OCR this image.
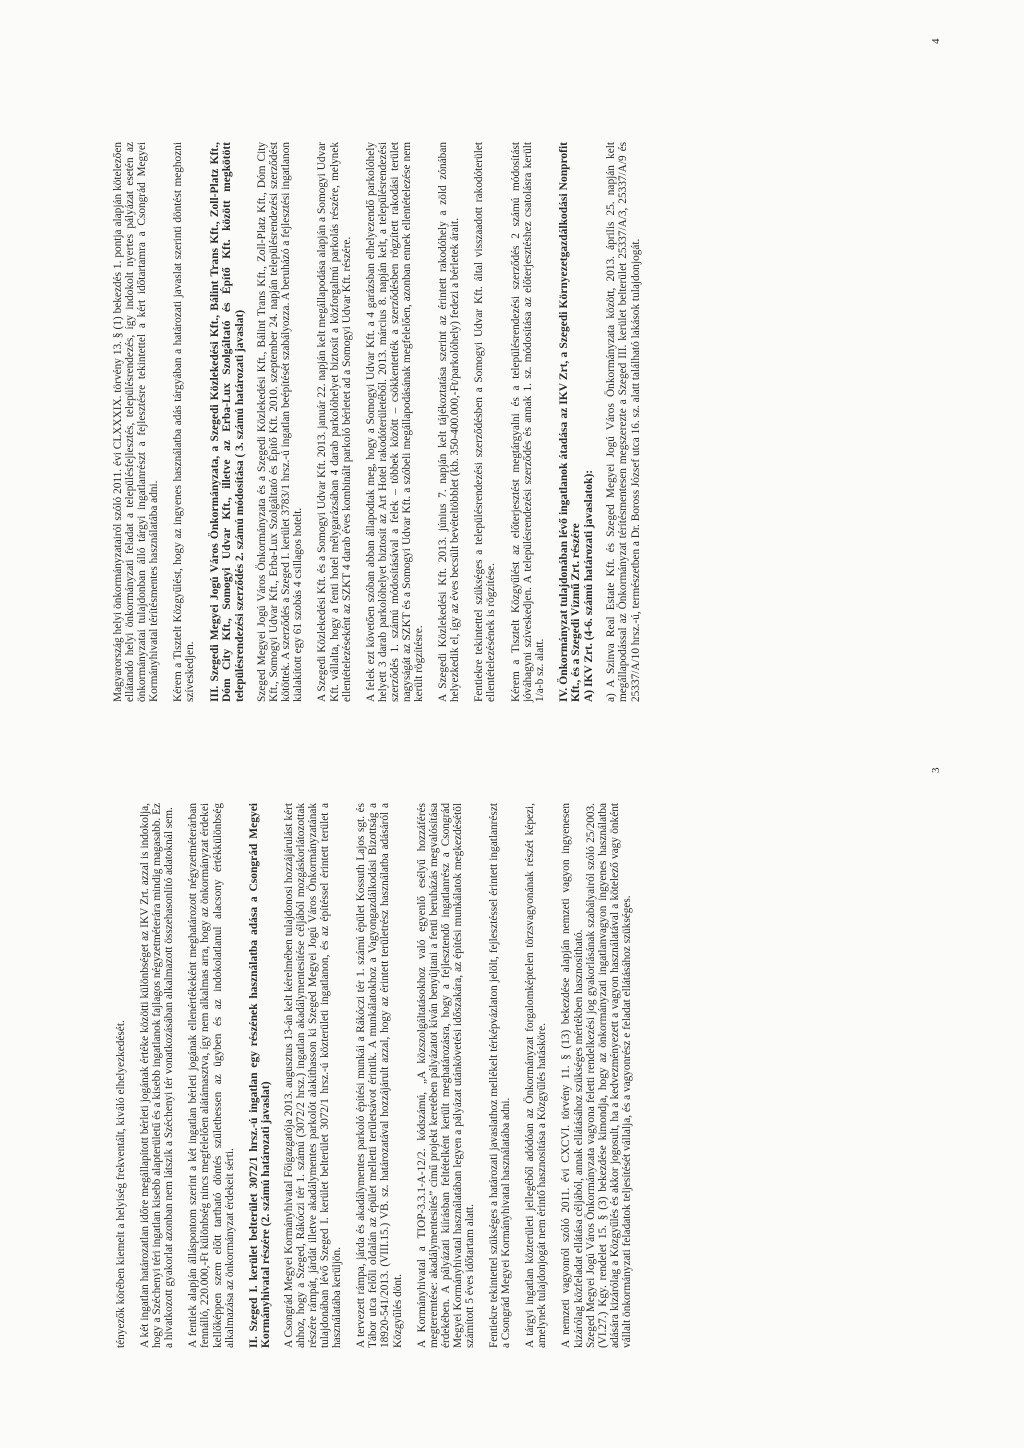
tényezők körében kiemelt a helyiség frekventált, kiváló elhelyezkedését. A két ingatlan határozatlan időre megállapított bérleti jogának értéke közötti különbséget az IKV Zrt. azzal is indokolja, hogy a Széchenyi téri ingatlan kisebb alapterületű és a kisebb ingatlanok fajlagos négyzetméterára mindig magasabb. Ez a hivatkozott gyakorlat azonban nem látszik a Széchenyi tér vonatkozásában alkalmazott összehasonlító adatoknál sem. A fentiek alapján álláspontom szerint a két ingatlan bérleti jogának ellenértékeként meghatározott négyzetméterárban fennálló, 220.000,-Ft különbség nincs megfelelően alátámasztva, így nem alkalmas arra, hogy az önkormányzat érdekei kellőképpen szem előtt tartható döntés születhessen az ügyben és az indokolatlanul alacsony értékkülönbség alkalmazása az önkormányzat érdekeit sérti. II. Szeged I. kerület belterület 3072/1 hrsz.-ú ingatlan egy részének használatba adása a Csongrád Megyei Kormányhivatal részére (2. számú határozati javaslat) A Csongrád Megyei Kormányhivatal Főigazgatója 2013. augusztus 13-án kelt kérelmében tulajdonosi hozzájárulást kért ahhoz, hogy a Szeged, Rákóczi tér 1. számú (3072/2 hrsz.) ingatlan akadálymentesítése céljából mozgáskorlátozottak részére rámpát, járdát illetve akadálymentes parkolót alakíthasson ki Szeged Megyei Jogú Város Önkormányzatának tulajdonában lévő Szeged I. kerület belterület 3072/1 hrsz.-ú közterületi ingatlanon, és az építéssel érintett terület a használatába kerüljön. A tervezett rámpa, járda és akadálymentes parkoló építési munkái a Rákóczi tér 1. számú épület Kossuth Lajos sgt. és Tábor utca felőli oldalán az épület melletti területsávot érintik. A munkálatokhoz a Vagyongazdálkodási Bizottság a 18920-541/2013. (VIII.15.) VB. sz. határozatával hozzájárult azzal, hogy az érintett területrész használatba adásáról a Közgyűlés dönt. A Kormányhivatal a TIOP-3.3.1-A-12/2. kódszámú, „A közszolgáltatásokhoz való egyenlő esélyű hozzáférés megteremtése: akadálymentesítés” című projekt keretében pályázatot kíván benyújtani a fenti beruházás megvalósítása érdekében. A pályázati kiírásban feltételként került meghatározásra, hogy a fejlesztendő ingatlanrész a Csongrád Megyei Kormányhivatal használatában legyen a pályázat utánkövetési időszakára, az építési munkálatok megkezdésétől számított 5 éves időtartam alatt. Fentiekre tekintettel szükséges a határozati javaslathoz mellékelt térképvázlaton jelölt, fejlesztéssel érintett ingatlanrészt a Csongrád Megyei Kormányhivatal használatába adni. A tárgyi ingatlan közterületi jellegéből adódóan az Önkormányzat forgalomképtelen törzsvagyonának részét képezi, amelynek tulajdonjogát nem érintő hasznosítása a Közgyűlés hatásköre. A nemzeti vagyonról szóló 2011. évi CXCVI. törvény 11. § (13) bekezdése alapján nemzeti vagyon ingyenesen kizárólag közfeladat ellátása céljából, annak ellátásához szükséges mértékben hasznosítható. Szeged Megyei Jogú Város Önkormányzata vagyona feletti rendelkezési jog gyakorlásának szabályairól szóló 25/2003. (VI.27.) Kgy. rendelet 15. § (3) bekezdése kimondja, hogy az önkormányzati ingatlanvagyon ingyenes használatba adására kizárólag a Közgyűlés és akkor jogosult, ha a kedvezményezett a vagyon használatával a kötelező vagy önként vállalt önkormányzati feladatok teljesítését vállalja, és a vagyonrész e feladat ellátásához szükséges.

3

Magyarország helyi önkormányzatairól szóló 2011. évi CLXXXIX. törvény 13. § (1) bekezdés 1. pontja alapján kötelezően ellátandó helyi önkormányzati feladat a településfejlesztés, településrendezés, így indokolt nyertes pályázat esetén az önkormányzatai tulajdonban álló tárgyi ingatlanrészt a fejlesztésre tekintettel a kért időtartamra a Csongrád Megyei Kormányhivatal térítésmentes használatába adni. Kérem a Tisztelt Közgyűlést, hogy az ingyenes használatba adás tárgyában a határozati javaslat szerinti döntést meghozni szíveskedjen. III. Szegedi Megyei Jogú Város Önkormányzata, a Szegedi Közlekedési Kft., Bálint Trans Kft., Zoll-Platz Kft., Dóm City Kft., Somogyi Udvar Kft., illetve az Erba-Lux Szolgáltató és Építő Kft. között megkötött településrendezési szerződés 2. számú módosítása ( 3. számú határozati javaslat) Szeged Megyei Jogú Város Önkormányzata és a Szegedi Közlekedési Kft., Bálint Trans Kft., Zoll-Platz Kft., Dóm City Kft., Somogyi Udvar Kft., Erba-Lux Szolgáltató és Építő Kft. 2010. szeptember 24. napján településrendezési szerződést kötöttek. A szerződés a Szeged I. kerület 3783/1 hrsz.-ú ingatlan beépítését szabályozza. A beruházó a fejlesztési ingatlanon kialakított egy 61 szobás 4 csillagos hotelt. A Szegedi Közlekedési Kft. és a Somogyi Udvar Kft. 2013. január 22. napján kelt megállapodása alapján a Somogyi Udvar Kft. vállalta, hogy a fenti hotel mélygarázsában 4 darab parkolóhelyet biztosít a közforgalmú parkolás részére, melynek ellentételezéseként az SZKT 4 darab éves kombinált parkoló bérletet ad a Somogyi Udvar Kft. részére. A felek ezt követően szóban abban állapodtak meg, hogy a Somogyi Udvar Kft. a 4 garázsban elhelyezendő parkolóhely helyett 3 darab parkolóhelyet biztosít az Art Hotel rakodóterületéből. 2013. március 8. napján kelt, a településrendezési szerződés 1. számú módosításával a felek – többek között – csökkentették a szerződésben rögzített rakodási terület nagyságát az SZKT és a Somogyi Udvar Kft. a szóbeli megállapodásának megfelelően, azonban ennek ellentételezése nem került rögzítésre. A Szegedi Közlekedési Kft. 2013. június 7. napján kelt tájékoztatása szerint az érintett rakodóhely a zöld zónában helyezkedik el, így az éves becsült bevételtöbblet (kb. 350-400.000,-Ft/parkolóhely) fedezi a bérletek árait. Fentiekre tekintettel szükséges a településrendezési szerződésben a Somogyi Udvar Kft. által visszaadott rakodóterület ellentételezésének is rögzítése. Kérem a Tisztelt Közgyűlést az előterjesztést megtárgyalni és a településrendezési szerződés 2 számú módosítást jóváhagyni szíveskedjen. A településrendezési szerződés és annak 1. sz. módosítása az előterjesztéshez csatolásra került 1/a-b sz. alatt. IV. Önkormányzat tulajdonában lévő ingatlanok átadása az IKV Zrt, a Szegedi Környezetgazdálkodási Nonprofit Kft., és a Szegedi Vízmű Zrt. részére A) IKV Zrt. (4-6. számú határozati javaslatok): a) A Szinva Real Estate Kft. és Szeged Megyei Jogú Város Önkormányzata között, 2013. április 25. napján kelt megállapodással az Önkormányzat térítésmentesen megszerezte a Szeged III. kerület belterület 25337/A/3, 25337/A/9 és 25337/A/10 hrsz.-ú, természetben a Dr. Boross József utca 16. sz. alatt található lakások tulajdonjogát.

4
